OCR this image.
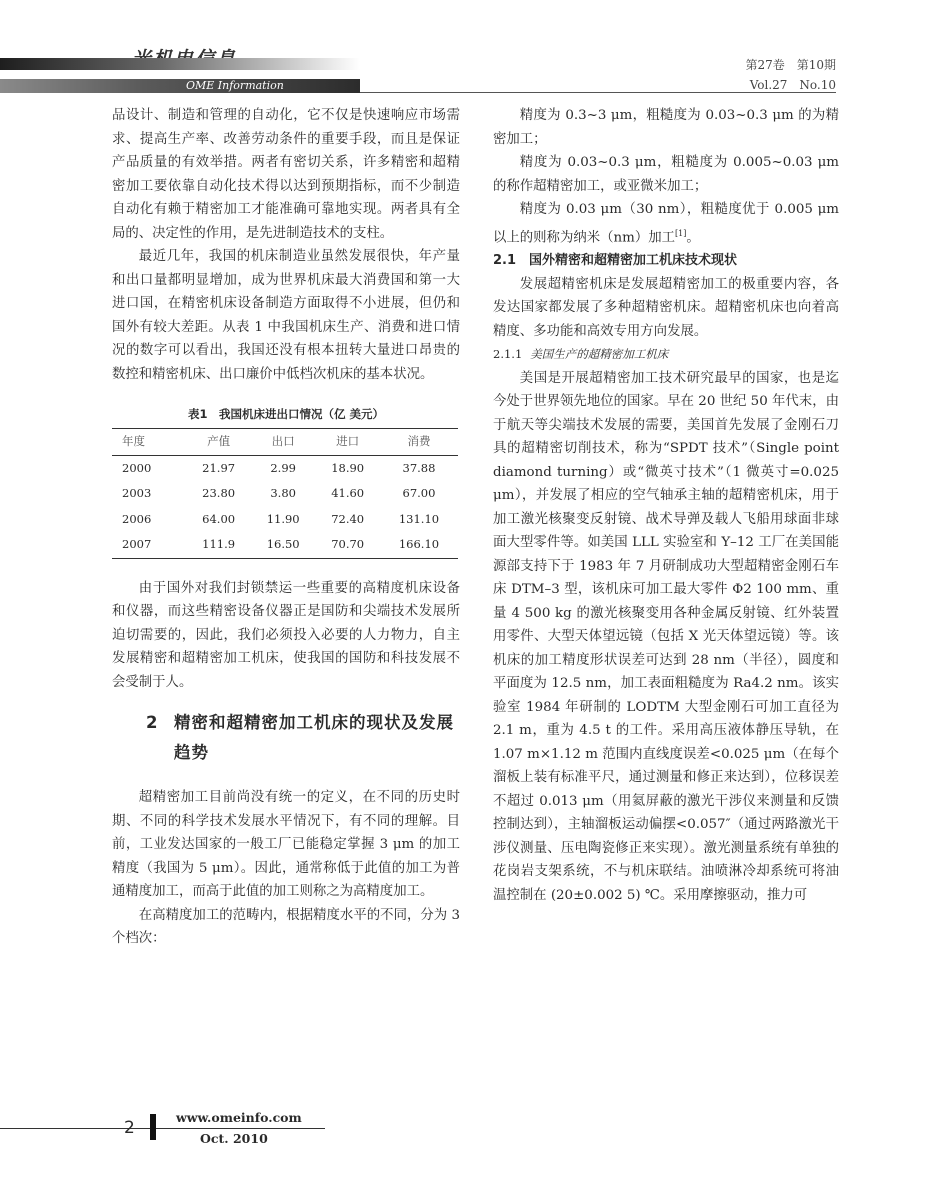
OME Information
第27卷　第10期
Vol.27　No.10

品设计、制造和管理的自动化，它不仅是快速响应市场需求、提高生产率、改善劳动条件的重要手段，而且是保证产品质量的有效举措。两者有密切关系，许多精密和超精密加工要依靠自动化技术得以达到预期指标，而不少制造自动化有赖于精密加工才能准确可靠地实现。两者具有全局的、决定性的作用，是先进制造技术的支柱。

最近几年，我国的机床制造业虽然发展很快，年产量和出口量都明显增加，成为世界机床最大消费国和第一大进口国，在精密机床设备制造方面取得不小进展，但仍和国外有较大差距。从表 1 中我国机床生产、消费和进口情况的数字可以看出，我国还没有根本扭转大量进口昂贵的数控和精密机床、出口廉价中低档次机床的基本状况。

表1　我国机床进出口情况（亿 美元）
年度	产值	出口	进口	消费
2000	21.97	2.99	18.90	37.88
2003	23.80	3.80	41.60	67.00
2006	64.00	11.90	72.40	131.10
2007	111.9	16.50	70.70	166.10

由于国外对我们封锁禁运一些重要的高精度机床设备和仪器，而这些精密设备仪器正是国防和尖端技术发展所迫切需要的，因此，我们必须投入必要的人力物力，自主发展精密和超精密加工机床，使我国的国防和科技发展不会受制于人。

2 精密和超精密加工机床的现状及发展趋势

超精密加工目前尚没有统一的定义，在不同的历史时期、不同的科学技术发展水平情况下，有不同的理解。目前，工业发达国家的一般工厂已能稳定掌握 3 μm 的加工精度（我国为 5 μm）。因此，通常称低于此值的加工为普通精度加工，而高于此值的加工则称之为高精度加工。

在高精度加工的范畴内，根据精度水平的不同，分为 3 个档次：

精度为 0.3~3 μm，粗糙度为 0.03~0.3 μm 的为精密加工；

精度为 0.03~0.3 μm，粗糙度为 0.005~0.03 μm 的称作超精密加工，或亚微米加工；

精度为 0.03 μm（30 nm），粗糙度优于 0.005 μm 以上的则称为纳米（nm）加工[1]。

2.1　国外精密和超精密加工机床技术现状

发展超精密机床是发展超精密加工的极重要内容，各发达国家都发展了多种超精密机床。超精密机床也向着高精度、多功能和高效专用方向发展。

2.1.1 美国生产的超精密加工机床

美国是开展超精密加工技术研究最早的国家，也是迄今处于世界领先地位的国家。早在 20 世纪 50 年代末，由于航天等尖端技术发展的需要，美国首先发展了金刚石刀具的超精密切削技术，称为“SPDT 技术”（Single point diamond turning）或“微英寸技术”（1 微英寸=0.025 μm），并发展了相应的空气轴承主轴的超精密机床，用于加工激光核聚变反射镜、战术导弹及载人飞船用球面非球面大型零件等。如美国 LLL 实验室和 Y–12 工厂在美国能源部支持下于 1983 年 7 月研制成功大型超精密金刚石车床 DTM–3 型，该机床可加工最大零件 Φ2 100 mm、重量 4 500 kg 的激光核聚变用各种金属反射镜、红外装置用零件、大型天体望远镜（包括 X 光天体望远镜）等。该机床的加工精度形状误差可达到 28 nm（半径），圆度和平面度为 12.5 nm，加工表面粗糙度为 Ra4.2 nm。该实验室 1984 年研制的 LODTM 大型金刚石可加工直径为 2.1 m，重为 4.5 t 的工件。采用高压液体静压导轨，在 1.07 m×1.12 m 范围内直线度误差<0.025 μm（在每个溜板上装有标准平尺，通过测量和修正来达到），位移误差不超过 0.013 μm（用氦屏蔽的激光干涉仪来测量和反馈控制达到），主轴溜板运动偏摆<0.057″（通过两路激光干涉仪测量、压电陶瓷修正来实现）。激光测量系统有单独的花岗岩支架系统，不与机床联结。油喷淋冷却系统可将油温控制在 (20±0.002 5) ℃。采用摩擦驱动，推力可

2
www.omeinfo.com
Oct. 2010
